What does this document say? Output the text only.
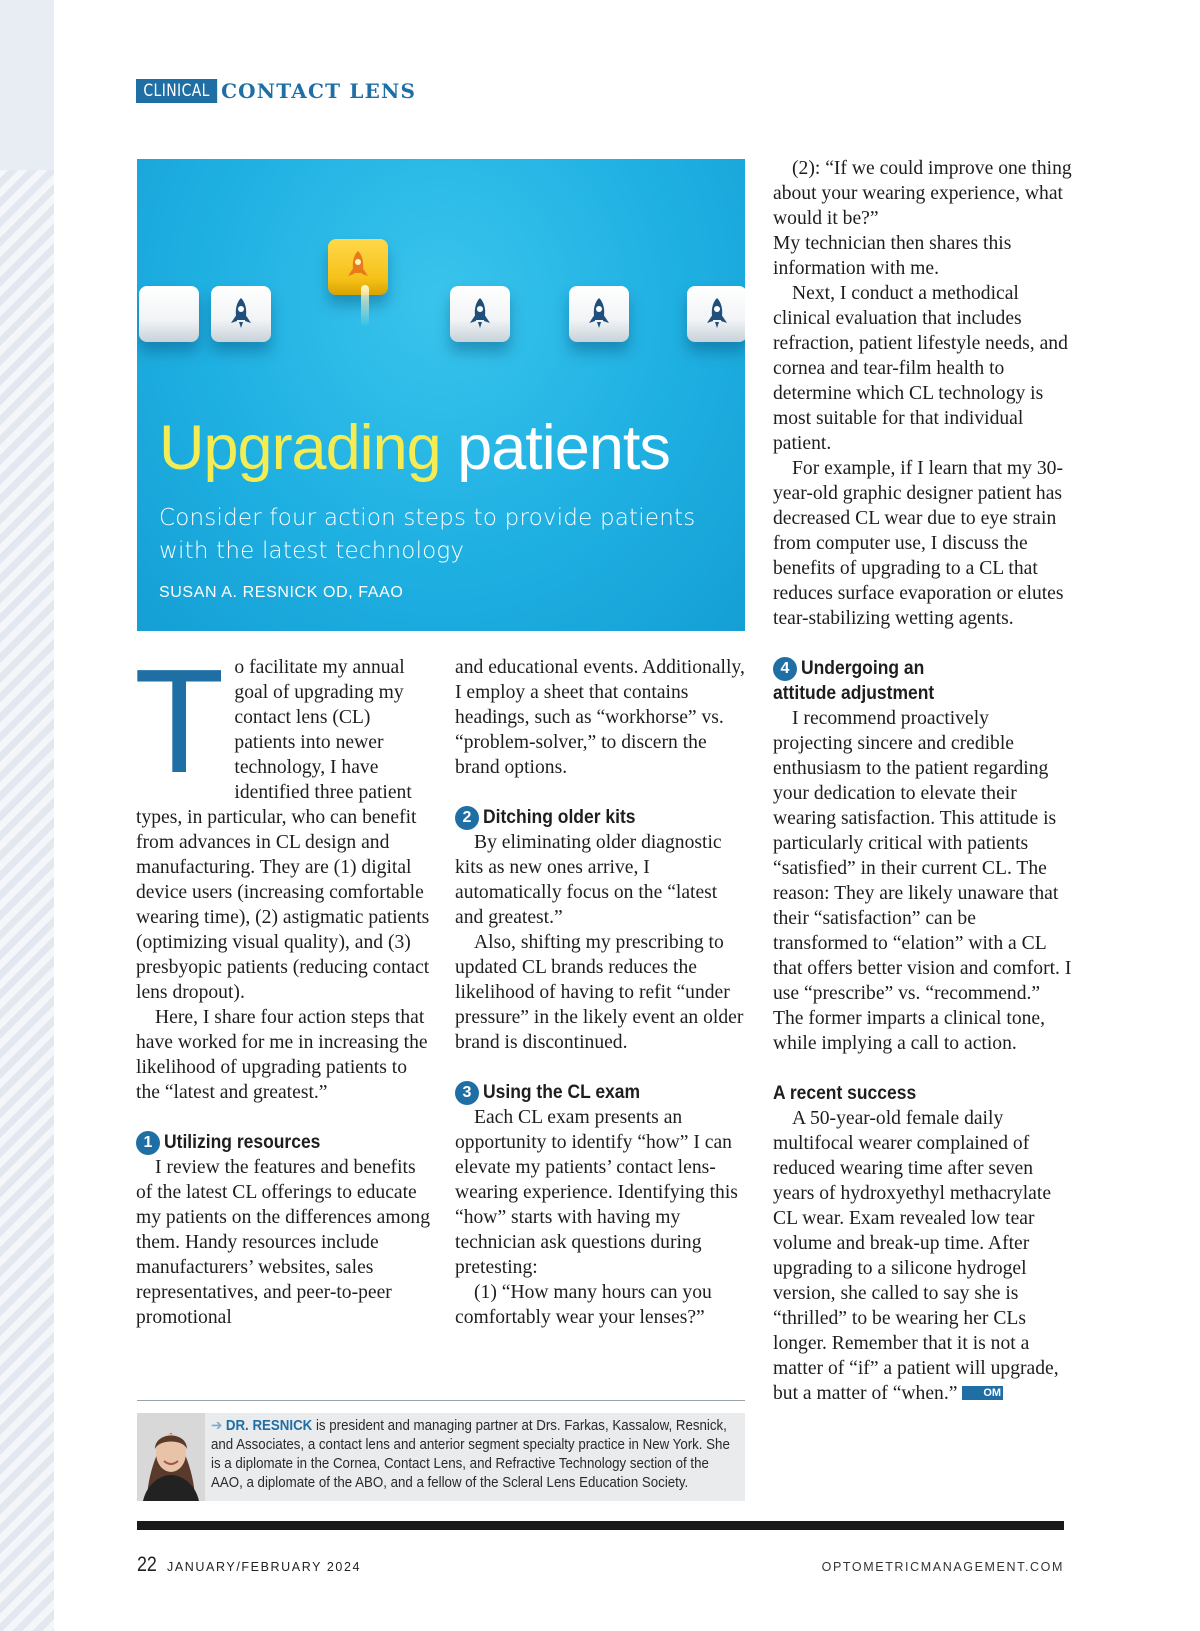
CLINICAL CONTACT LENS
Upgrading patients
Consider four action steps to provide patients with the latest technology
SUSAN A. RESNICK OD, FAAO
T o facilitate my annual goal of upgrading my contact lens (CL) patients into newer technology, I have identified three patient types, in particular, who can benefit from advances in CL design and manufacturing. They are (1) digital device users (increasing comfortable wearing time), (2) astigmatic patients (optimizing visual quality), and (3) presbyopic patients (reducing contact lens dropout).

Here, I share four action steps that have worked for me in increasing the likelihood of upgrading patients to the “latest and greatest.”

1 Utilizing resources

I review the features and benefits of the latest CL offerings to educate my patients on the differences among them. Handy resources include manufacturers’ websites, sales representatives, and peer-to-peer promotional

and educational events. Additionally, I employ a sheet that contains headings, such as “workhorse” vs. “problem-solver,” to discern the brand options.

2 Ditching older kits

By eliminating older diagnostic kits as new ones arrive, I automatically focus on the “latest and greatest.”

Also, shifting my prescribing to updated CL brands reduces the likelihood of having to refit “under pressure” in the likely event an older brand is discontinued.

3 Using the CL exam

Each CL exam presents an opportunity to identify “how” I can elevate my patients’ contact lens-wearing experience. Identifying this “how” starts with having my technician ask questions during pretesting:

(1) “How many hours can you comfortably wear your lenses?”

(2): “If we could improve one thing about your wearing experience, what would it be?”

My technician then shares this information with me.

Next, I conduct a methodical clinical evaluation that includes refraction, patient lifestyle needs, and cornea and tear-film health to determine which CL technology is most suitable for that individual patient.

For example, if I learn that my 30-year-old graphic designer patient has decreased CL wear due to eye strain from computer use, I discuss the benefits of upgrading to a CL that reduces surface evaporation or elutes tear-stabilizing wetting agents.

4 Undergoing an
attitude adjustment

I recommend proactively projecting sincere and credible enthusiasm to the patient regarding your dedication to elevate their wearing satisfaction. This attitude is particularly critical with patients “satisfied” in their current CL. The reason: They are likely unaware that their “satisfaction” can be transformed to “elation” with a CL that offers better vision and comfort. I use “prescribe” vs. “recommend.” The former imparts a clinical tone, while implying a call to action.

A recent success

A 50-year-old female daily multifocal wearer complained of reduced wearing time after seven years of hydroxyethyl methacrylate CL wear. Exam revealed low tear volume and break-up time. After upgrading to a silicone hydrogel version, she called to say she is “thrilled” to be wearing her CLs longer. Remember that it is not a matter of “if” a patient will upgrade, but a matter of “when.” OM

➔ DR. RESNICK is president and managing partner at Drs. Farkas, Kassalow, Resnick, and Associates, a contact lens and anterior segment specialty practice in New York. She is a diplomate in the Cornea, Contact Lens, and Refractive Technology section of the AAO, a diplomate of the ABO, and a fellow of the Scleral Lens Education Society.
22 JANUARY/FEBRUARY 2024	OPTOMETRICMANAGEMENT.COM
